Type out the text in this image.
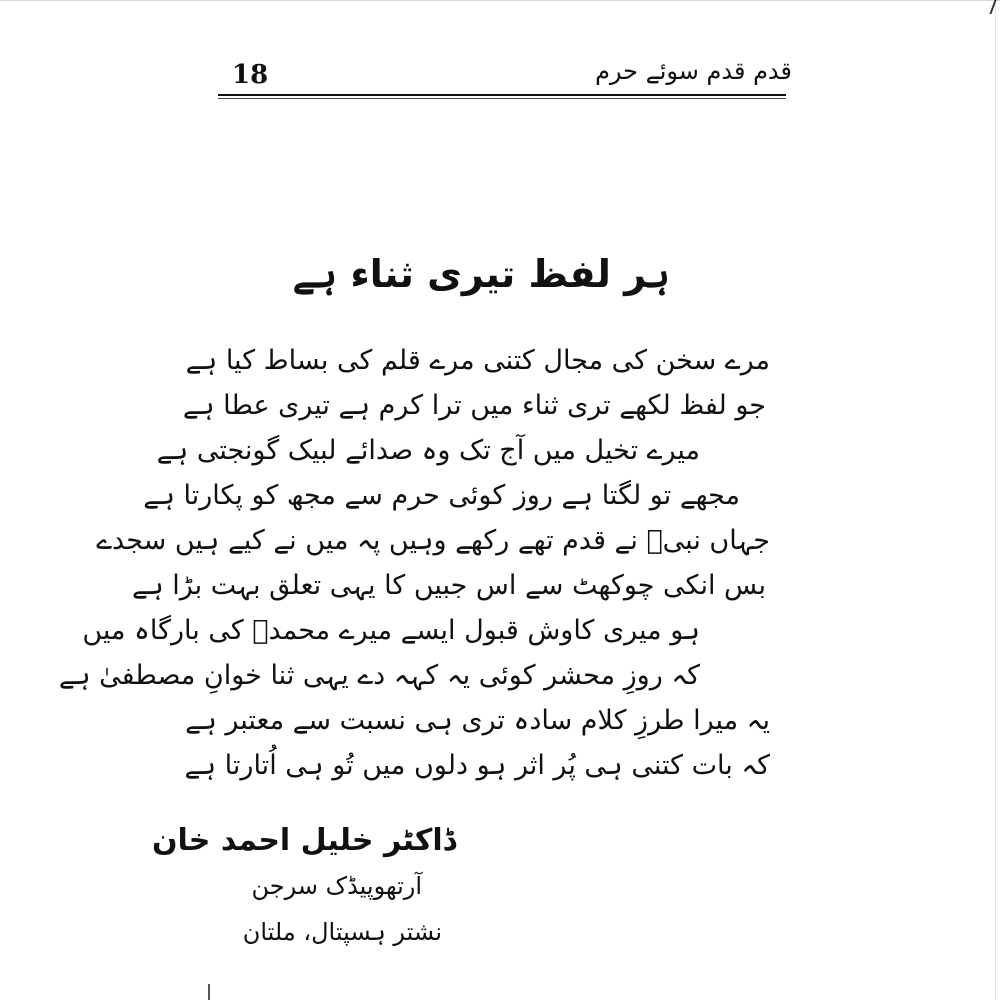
18	قدم قدم سوئے حرم
ہر لفظ تیری ثناء ہے
مرے سخن کی مجال کتنی مرے قلم کی بساط کیا ہے
جو لفظ لکھے تری ثناء میں ترا کرم ہے تیری عطا ہے
میرے تخیل میں آج تک وہ صدائے لبیک گونجتی ہے
مجھے تو لگتا ہے روز کوئی حرم سے مجھ کو پکارتا ہے
جہاں نبیؐ نے قدم تھے رکھے وہیں پہ میں نے کیے ہیں سجدے
بس انکی چوکھٹ سے اس جبیں کا یہی تعلق بہت بڑا ہے
ہو میری کاوش قبول ایسے میرے محمدؐ کی بارگاہ میں
کہ روزِ محشر کوئی یہ کہہ دے یہی ثنا خوانِ مصطفیٰ ہے
یہ میرا طرزِ کلام سادہ تری ہی نسبت سے معتبر ہے
کہ بات کتنی ہی پُر اثر ہو دلوں میں تُو ہی اُتارتا ہے
ڈاکٹر خلیل احمد خان
آرتھوپیڈک سرجن
نشتر ہسپتال، ملتان
